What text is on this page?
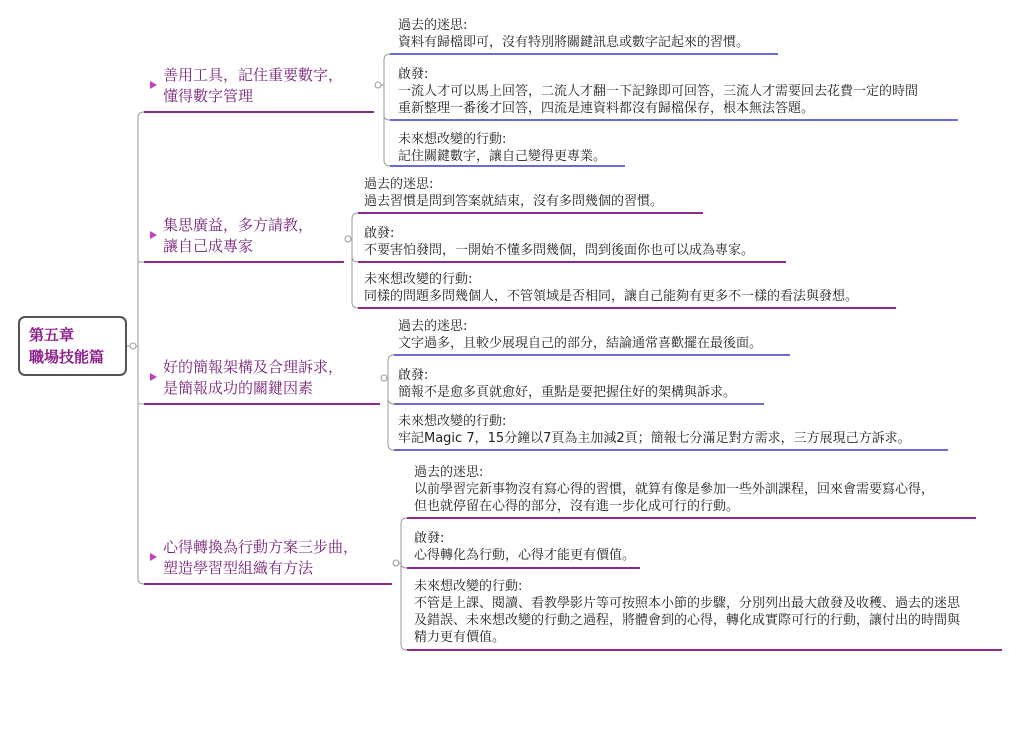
第五章
職場技能篇
善用工具，記住重要數字，
懂得數字管理
過去的迷思:
資料有歸檔即可，沒有特別將關鍵訊息或數字記起來的習慣。
啟發:
一流人才可以馬上回答，二流人才翻一下記錄即可回答，三流人才需要回去花費一定的時間
重新整理一番後才回答，四流是連資料都沒有歸檔保存，根本無法答題。
未來想改變的行動:
記住關鍵數字，讓自己變得更專業。
集思廣益，多方請教，
讓自己成專家
過去的迷思:
過去習慣是問到答案就結束，沒有多問幾個的習慣。
啟發:
不要害怕發問，一開始不懂多問幾個，問到後面你也可以成為專家。
未來想改變的行動:
同樣的問題多問幾個人，不管領域是否相同，讓自己能夠有更多不一樣的看法與發想。
好的簡報架構及合理訴求，
是簡報成功的關鍵因素
過去的迷思:
文字過多，且較少展現自己的部分，結論通常喜歡擺在最後面。
啟發:
簡報不是愈多頁就愈好，重點是要把握住好的架構與訴求。
未來想改變的行動:
牢記Magic 7，15分鐘以7頁為主加減2頁；簡報七分滿足對方需求，三方展現己方訴求。
心得轉換為行動方案三步曲，
塑造學習型組織有方法
過去的迷思:
以前學習完新事物沒有寫心得的習慣，就算有像是參加一些外訓課程，回來會需要寫心得，
但也就停留在心得的部分，沒有進一步化成可行的行動。
啟發:
心得轉化為行動，心得才能更有價值。
未來想改變的行動:
不管是上課、閱讀、看教學影片等可按照本小節的步驟，分別列出最大啟發及收穫、過去的迷思
及錯誤、未來想改變的行動之過程，將體會到的心得，轉化成實際可行的行動，讓付出的時間與
精力更有價值。
